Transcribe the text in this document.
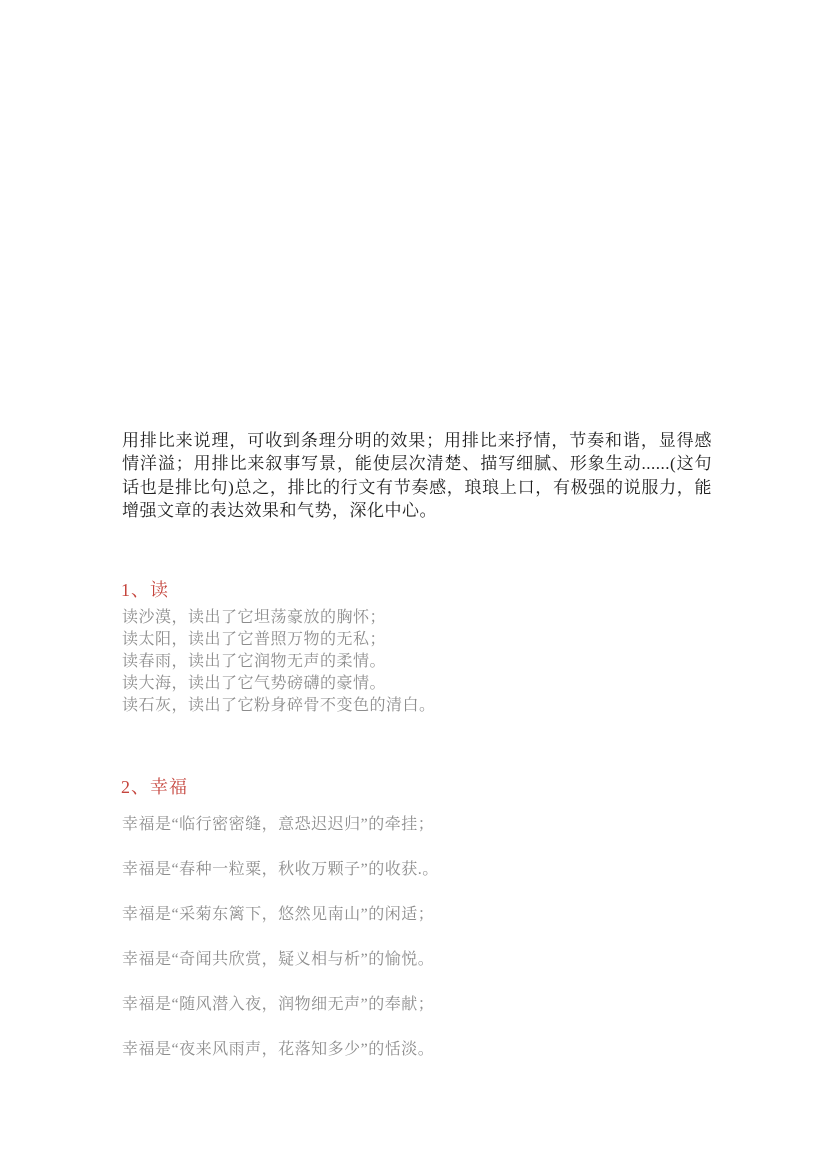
用排比来说理，可收到条理分明的效果；用排比来抒情，节奏和谐，显得感情洋溢；用排比来叙事写景，能使层次清楚、描写细腻、形象生动......(这句话也是排比句)总之，排比的行文有节奏感，琅琅上口，有极强的说服力，能增强文章的表达效果和气势，深化中心。

1、读

读沙漠，读出了它坦荡豪放的胸怀；

读太阳，读出了它普照万物的无私；

读春雨，读出了它润物无声的柔情。

读大海，读出了它气势磅礴的豪情。

读石灰，读出了它粉身碎骨不变色的清白。

2、幸福

幸福是“临行密密缝，意恐迟迟归”的牵挂；

幸福是“春种一粒粟，秋收万颗子”的收获.。

幸福是“采菊东篱下，悠然见南山”的闲适；

幸福是“奇闻共欣赏，疑义相与析”的愉悦。

幸福是“随风潜入夜，润物细无声”的奉献；

幸福是“夜来风雨声，花落知多少”的恬淡。
